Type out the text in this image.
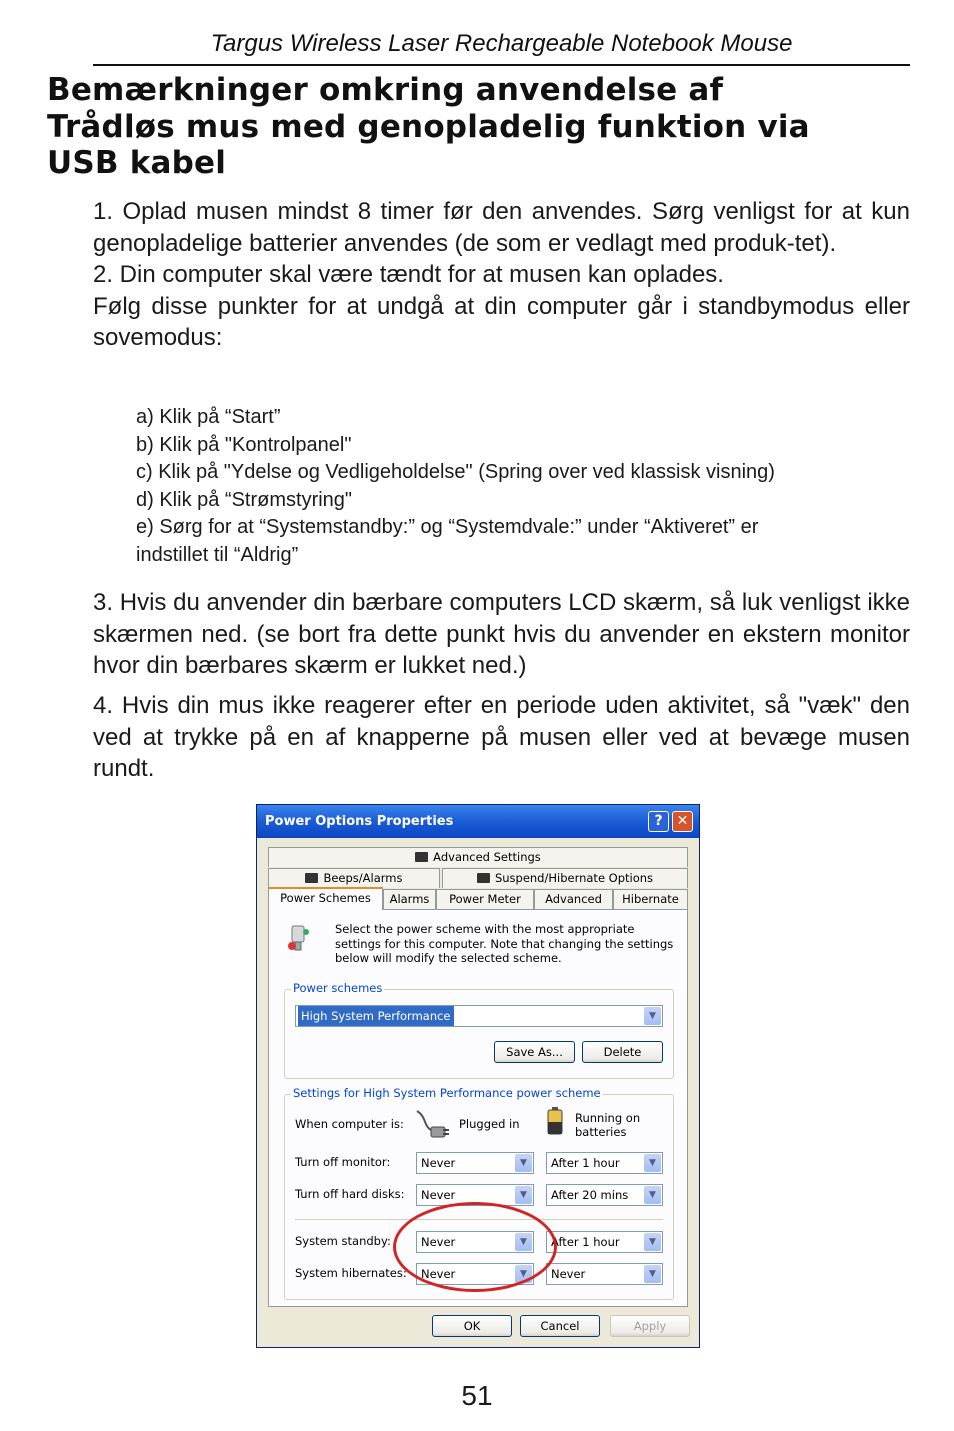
Targus Wireless Laser Rechargeable Notebook Mouse
Bemærkninger omkring anvendelse af
Trådløs mus med genopladelig funktion via
USB kabel

1. Oplad musen mindst 8 timer før den anvendes. Sørg venligst for at kun genopladelige batterier anvendes (de som er vedlagt med produk-tet).

2. Din computer skal være tændt for at musen kan oplades.

Følg disse punkter for at undgå at din computer går i standbymodus eller sovemodus:

a) Klik på “Start”
b) Klik på "Kontrolpanel"
c) Klik på "Ydelse og Vedligeholdelse" (Spring over ved klassisk visning)
d) Klik på “Strømstyring"
e) Sørg for at “Systemstandby:” og “Systemdvale:” under “Aktiveret” er
indstillet til “Aldrig”

3. Hvis du anvender din bærbare computers LCD skærm, så luk venligst ikke skærmen ned. (se bort fra dette punkt hvis du anvender en ekstern monitor hvor din bærbares skærm er lukket ned.)

4. Hvis din mus ikke reagerer efter en periode uden aktivitet, så "væk" den ved at trykke på en af knapperne på musen eller ved at bevæge musen rundt.

Power Options Properties	?	✕
Advanced Settings
Beeps/Alarms	Suspend/Hibernate Options
Power Schemes	Alarms	Power Meter	Advanced	Hibernate
Select the power scheme with the most appropriate settings for this computer. Note that changing the settings below will modify the selected scheme.
Power schemes
High System Performance	▼
Save As...	Delete
Settings for High System Performance power scheme
When computer is:	Plugged in	Running on batteries
Turn off monitor:	Never	▼	After 1 hour	▼
Turn off hard disks:	Never	▼	After 20 mins	▼
System standby:	Never	▼	After 1 hour	▼
System hibernates:	Never	▼	Never	▼
OK	Cancel	Apply
51
